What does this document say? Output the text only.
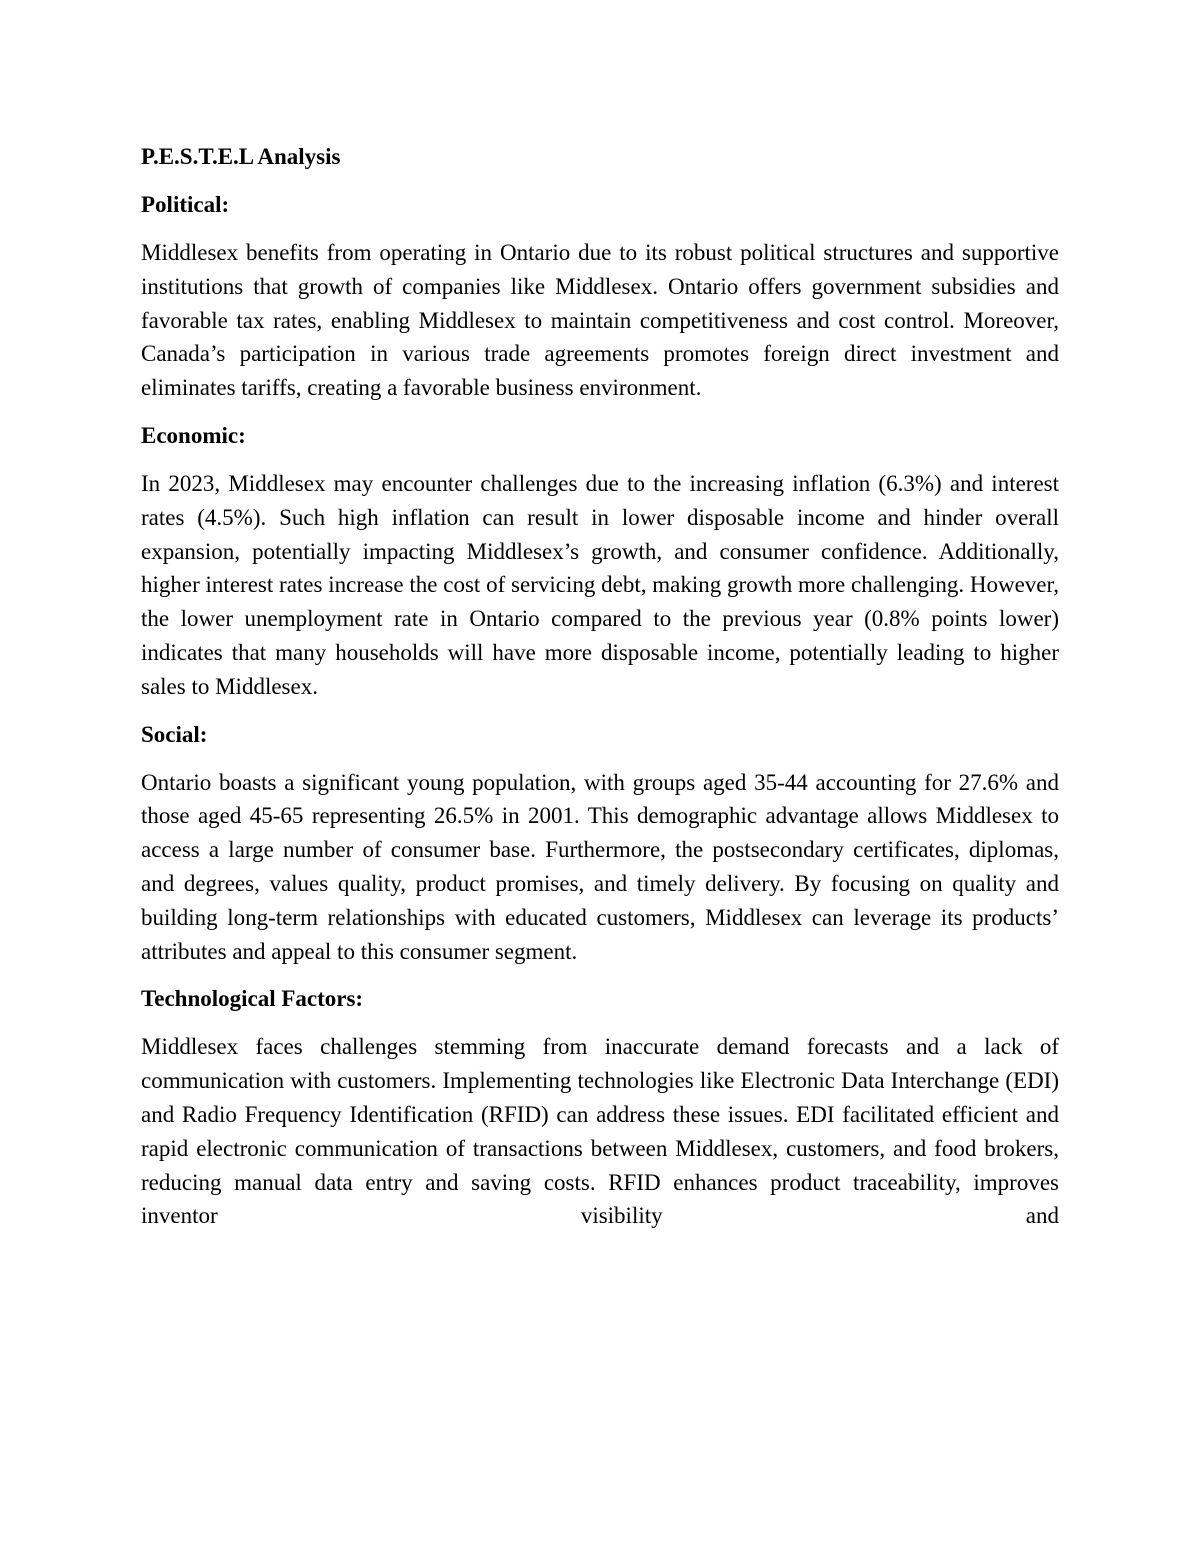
P.E.S.T.E.L Analysis
Political:

Middlesex benefits from operating in Ontario due to its robust political structures and supportive institutions that growth of companies like Middlesex. Ontario offers government subsidies and favorable tax rates, enabling Middlesex to maintain competitiveness and cost control. Moreover, Canada’s participation in various trade agreements promotes foreign direct investment and eliminates tariffs, creating a favorable business environment.

Economic:

In 2023, Middlesex may encounter challenges due to the increasing inflation (6.3%) and interest rates (4.5%). Such high inflation can result in lower disposable income and hinder overall expansion, potentially impacting Middlesex’s growth, and consumer confidence. Additionally, higher interest rates increase the cost of servicing debt, making growth more challenging. However, the lower unemployment rate in Ontario compared to the previous year (0.8% points lower) indicates that many households will have more disposable income, potentially leading to higher sales to Middlesex.

Social:

Ontario boasts a significant young population, with groups aged 35-44 accounting for 27.6% and those aged 45-65 representing 26.5% in 2001. This demographic advantage allows Middlesex to access a large number of consumer base. Furthermore, the postsecondary certificates, diplomas, and degrees, values quality, product promises, and timely delivery. By focusing on quality and building long-term relationships with educated customers, Middlesex can leverage its products’ attributes and appeal to this consumer segment.

Technological Factors:

Middlesex faces challenges stemming from inaccurate demand forecasts and a lack of communication with customers. Implementing technologies like Electronic Data Interchange (EDI) and Radio Frequency Identification (RFID) can address these issues. EDI facilitated efficient and rapid electronic communication of transactions between Middlesex, customers, and food brokers, reducing manual data entry and saving costs. RFID enhances product traceability, improves inventor visibility and
